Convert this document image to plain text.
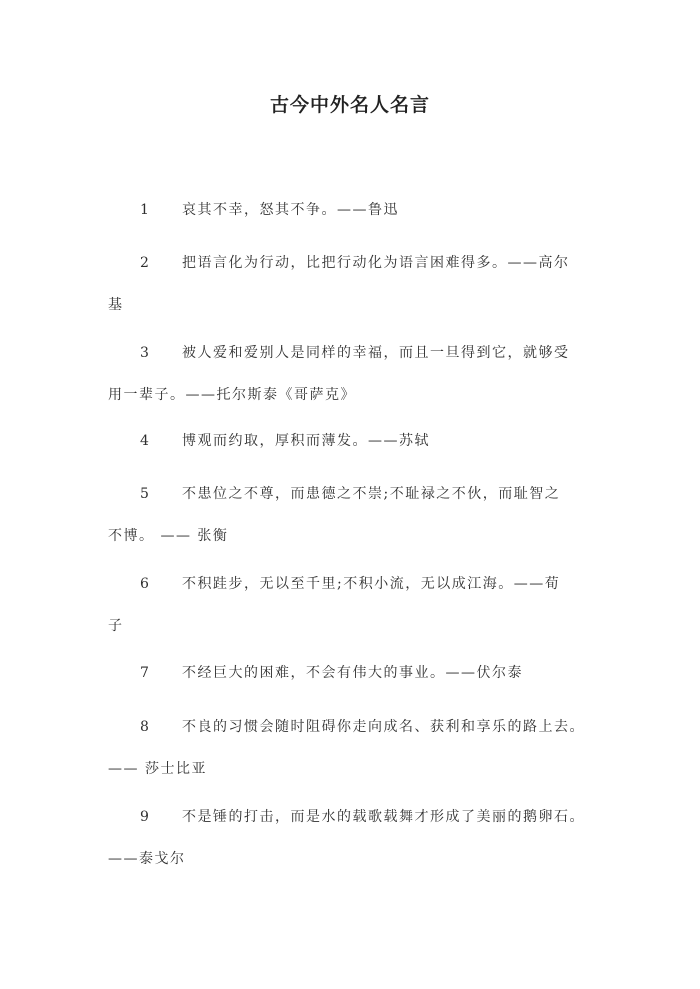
古今中外名人名言
1 哀其不幸，怒其不争。——鲁迅
2 把语言化为行动，比把行动化为语言困难得多。——高尔
基
3 被人爱和爱别人是同样的幸福，而且一旦得到它，就够受
用一辈子。——托尔斯泰《哥萨克》
4 博观而约取，厚积而薄发。——苏轼
5 不患位之不尊，而患德之不崇;不耻禄之不伙，而耻智之
不博。 —— 张衡
6 不积跬步，无以至千里;不积小流，无以成江海。——荀
子
7 不经巨大的困难，不会有伟大的事业。——伏尔泰
8 不良的习惯会随时阻碍你走向成名、获利和享乐的路上去。
—— 莎士比亚
9 不是锤的打击，而是水的载歌载舞才形成了美丽的鹅卵石。
——泰戈尔
